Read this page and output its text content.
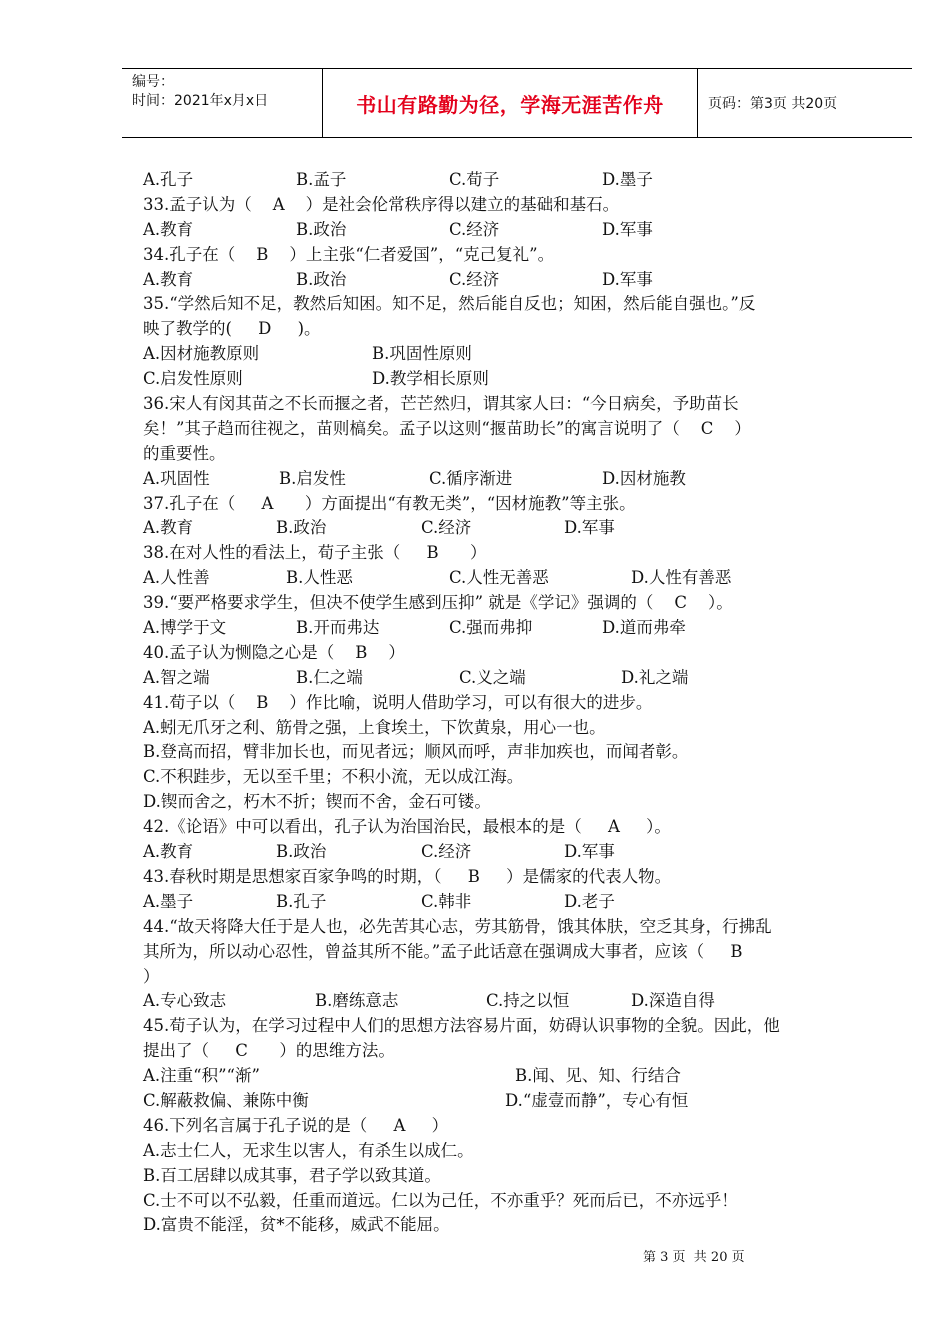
编号：
时间：2021年x月x日	书山有路勤为径，学海无涯苦作舟	页码：第3页 共20页
A.孔子	B.孟子	C.荀子	D.墨子
33.孟子认为（    A    ）是社会伦常秩序得以建立的基础和基石。
A.教育	B.政治	C.经济	D.军事
34.孔子在（    B    ）上主张“仁者爱国”，“克己复礼”。
A.教育	B.政治	C.经济	D.军事
35.“学然后知不足，教然后知困。知不足，然后能自反也；知困，然后能自强也。”反
映了教学的(     D     )。
A.因材施教原则	B.巩固性原则
C.启发性原则	D.教学相长原则
36.宋人有闵其苗之不长而揠之者，芒芒然归，谓其家人曰：“今日病矣，予助苗长
矣！”其子趋而往视之，苗则槁矣。孟子以这则“揠苗助长”的寓言说明了（    C    ）
的重要性。
A.巩固性	B.启发性	C.循序渐进	D.因材施教
37.孔子在（     A      ）方面提出“有教无类”，“因材施教”等主张。
A.教育	B.政治	C.经济	D.军事
38.在对人性的看法上，荀子主张（     B      ）
A.人性善	B.人性恶	C.人性无善恶	D.人性有善恶
39.“要严格要求学生，但决不使学生感到压抑” 就是《学记》强调的（    C    ）。
A.博学于文	B.开而弗达	C.强而弗抑	D.道而弗牵
40.孟子认为恻隐之心是（    B    ）
A.智之端	B.仁之端	C.义之端	D.礼之端
41.荀子以（    B    ）作比喻，说明人借助学习，可以有很大的进步。
A.蚓无爪牙之利、筋骨之强，上食埃土，下饮黄泉，用心一也。
B.登高而招，臂非加长也，而见者远；顺风而呼，声非加疾也，而闻者彰。
C.不积跬步，无以至千里；不积小流，无以成江海。
D.锲而舍之，朽木不折；锲而不舍，金石可镂。
42.《论语》中可以看出，孔子认为治国治民，最根本的是（     A     ）。
A.教育	B.政治	C.经济	D.军事
43.春秋时期是思想家百家争鸣的时期，（     B     ）是儒家的代表人物。
A.墨子	B.孔子	C.韩非	D.老子
44.“故天将降大任于是人也，必先苦其心志，劳其筋骨，饿其体肤，空乏其身，行拂乱
其所为，所以动心忍性，曾益其所不能。”孟子此话意在强调成大事者，应该（     B
）
A.专心致志	B.磨练意志	C.持之以恒	D.深造自得
45.荀子认为，在学习过程中人们的思想方法容易片面，妨碍认识事物的全貌。因此，他
提出了（     C      ）的思维方法。
A.注重“积”“渐”	B.闻、见、知、行结合
C.解蔽救偏、兼陈中衡	D.“虚壹而静”，专心有恒
46.下列名言属于孔子说的是（     A     ）
A.志士仁人，无求生以害人，有杀生以成仁。
B.百工居肆以成其事，君子学以致其道。
C.士不可以不弘毅，任重而道远。仁以为己任，不亦重乎？死而后已，不亦远乎！
D.富贵不能淫，贫*不能移，威武不能屈。
第 3 页  共 20 页
